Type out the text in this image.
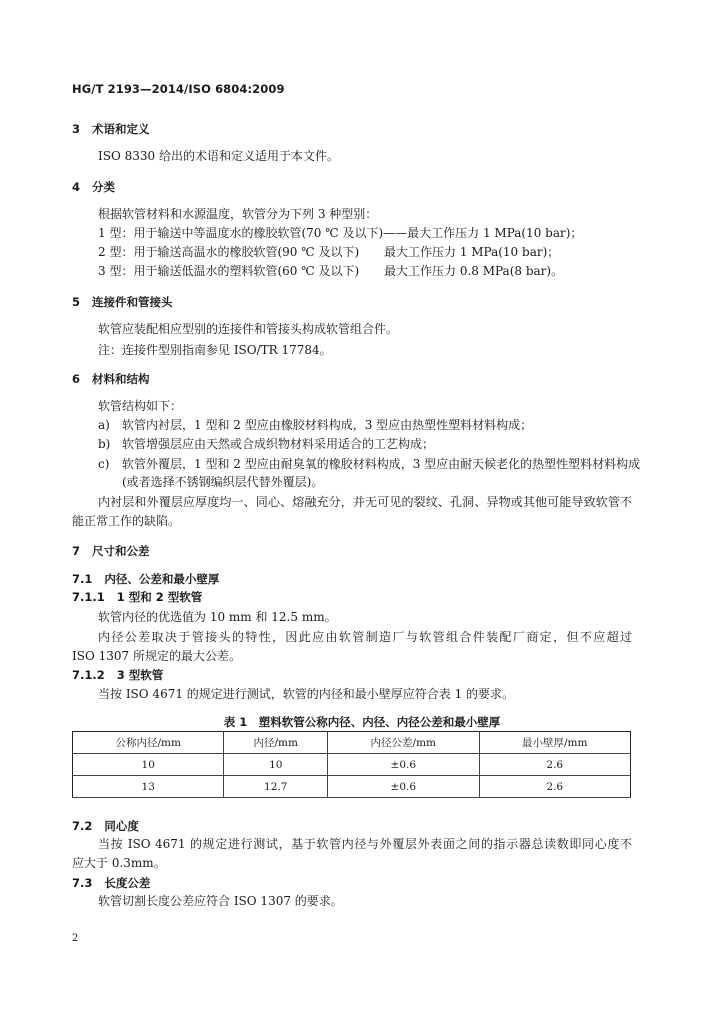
HG/T 2193—2014/ISO 6804:2009
3 术语和定义
ISO 8330 给出的术语和定义适用于本文件。
4 分类
根据软管材料和水源温度，软管分为下列 3 种型别：
1 型：用于输送中等温度水的橡胶软管(70 ℃ 及以下)——最大工作压力 1 MPa(10 bar)；
2 型：用于输送高温水的橡胶软管(90 ℃ 及以下) 最大工作压力 1 MPa(10 bar)；
3 型：用于输送低温水的塑料软管(60 ℃ 及以下) 最大工作压力 0.8 MPa(8 bar)。
5 连接件和管接头
软管应装配相应型别的连接件和管接头构成软管组合件。
注：连接件型别指南参见 ISO/TR 17784。
6 材料和结构
软管结构如下：
a) 软管内衬层，1 型和 2 型应由橡胶材料构成，3 型应由热塑性塑料材料构成；
b) 软管增强层应由天然或合成织物材料采用适合的工艺构成；
c) 软管外覆层，1 型和 2 型应由耐臭氧的橡胶材料构成，3 型应由耐天候老化的热塑性塑料材料构成
(或者选择不锈钢编织层代替外覆层)。
内衬层和外覆层应厚度均一、同心、熔融充分，并无可见的裂纹、孔洞、异物或其他可能导致软管不
能正常工作的缺陷。
7 尺寸和公差
7.1 内径、公差和最小壁厚
7.1.1 1 型和 2 型软管
软管内径的优选值为 10 mm 和 12.5 mm。
内径公差取决于管接头的特性，因此应由软管制造厂与软管组合件装配厂商定，但不应超过
ISO 1307 所规定的最大公差。
7.1.2 3 型软管
当按 ISO 4671 的规定进行测试，软管的内径和最小壁厚应符合表 1 的要求。
表 1　塑料软管公称内径、内径、内径公差和最小壁厚
公称内径/mm	内径/mm	内径公差/mm	最小壁厚/mm
10	10	±0.6	2.6
13	12.7	±0.6	2.6
7.2 同心度
当按 ISO 4671 的规定进行测试，基于软管内径与外覆层外表面之间的指示器总读数即同心度不
应大于 0.3mm。
7.3 长度公差
软管切割长度公差应符合 ISO 1307 的要求。
2
